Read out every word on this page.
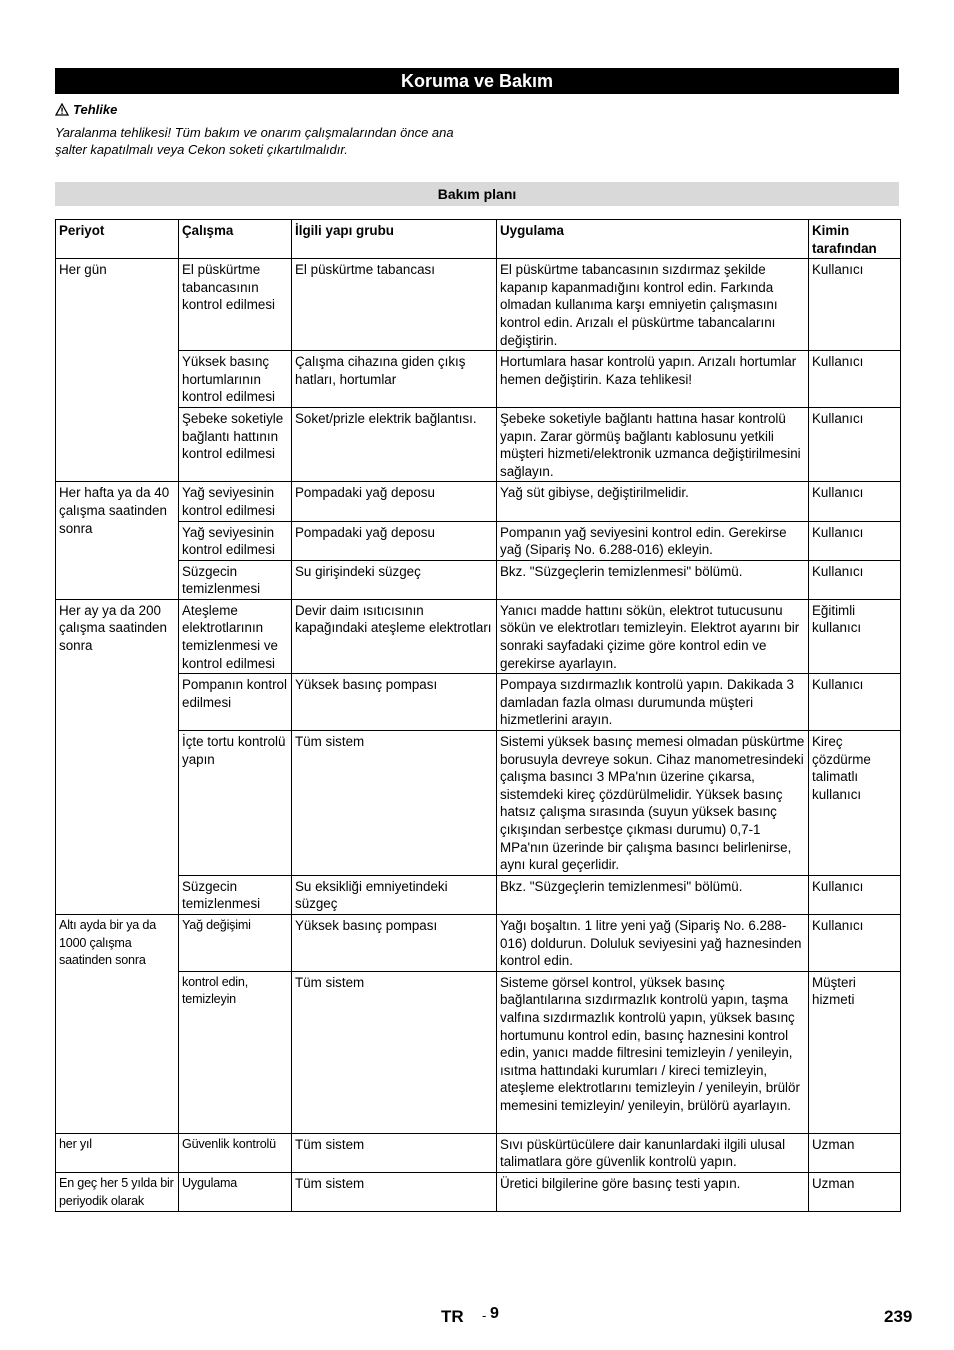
Koruma ve Bakım
Tehlike
Yaralanma tehlikesi! Tüm bakım ve onarım çalışmalarından önce ana şalter kapatılmalı veya Cekon soketi çıkartılmalıdır.
Bakım planı
Periyot	Çalışma	İlgili yapı grubu	Uygulama	Kimin tarafından
Her gün	El püskürtme tabancasının kontrol edilmesi	El püskürtme tabancası	El püskürtme tabancasının sızdırmaz şekilde kapanıp kapanmadığını kontrol edin. Farkında olmadan kullanıma karşı emniyetin çalışmasını kontrol edin. Arızalı el püskürtme tabancalarını değiştirin.	Kullanıcı
	Yüksek basınç hortumlarının kontrol edilmesi	Çalışma cihazına giden çıkış hatları, hortumlar	Hortumlara hasar kontrolü yapın. Arızalı hortumlar hemen değiştirin. Kaza tehlikesi!	Kullanıcı
	Şebeke soketiyle bağlantı hattının kontrol edilmesi	Soket/prizle elektrik bağlantısı.	Şebeke soketiyle bağlantı hattına hasar kontrolü yapın. Zarar görmüş bağlantı kablosunu yetkili müşteri hizmeti/elektronik uzmanca değiştirilmesini sağlayın.	Kullanıcı
Her hafta ya da 40 çalışma saatinden sonra	Yağ seviyesinin kontrol edilmesi	Pompadaki yağ deposu	Yağ süt gibiyse, değiştirilmelidir.	Kullanıcı
	Yağ seviyesinin kontrol edilmesi	Pompadaki yağ deposu	Pompanın yağ seviyesini kontrol edin. Gerekirse yağ (Sipariş No. 6.288-016) ekleyin.	Kullanıcı
	Süzgecin temizlenmesi	Su girişindeki süzgeç	Bkz. "Süzgeçlerin temizlenmesi" bölümü.	Kullanıcı
Her ay ya da 200 çalışma saatinden sonra	Ateşleme elektrotlarının temizlenmesi ve kontrol edilmesi	Devir daim ısıtıcısının kapağındaki ateşleme elektrotları	Yanıcı madde hattını sökün, elektrot tutucusunu sökün ve elektrotları temizleyin. Elektrot ayarını bir sonraki sayfadaki çizime göre kontrol edin ve gerekirse ayarlayın.	Eğitimli kullanıcı
	Pompanın kontrol edilmesi	Yüksek basınç pompası	Pompaya sızdırmazlık kontrolü yapın. Dakikada 3 damladan fazla olması durumunda müşteri hizmetlerini arayın.	Kullanıcı
	İçte tortu kontrolü yapın	Tüm sistem	Sistemi yüksek basınç memesi olmadan püskürtme borusuyla devreye sokun. Cihaz manometresindeki çalışma basıncı 3 MPa'nın üzerine çıkarsa, sistemdeki kireç çözdürülmelidir. Yüksek basınç hatsız çalışma sırasında (suyun yüksek basınç çıkışından serbestçe çıkması durumu) 0,7-1 MPa'nın üzerinde bir çalışma basıncı belirlenirse, aynı kural geçerlidir.	Kireç çözdürme talimatlı kullanıcı
	Süzgecin temizlenmesi	Su eksikliği emniyetindeki süzgeç	Bkz. "Süzgeçlerin temizlenmesi" bölümü.	Kullanıcı
Altı ayda bir ya da 1000 çalışma saatinden sonra	Yağ değişimi	Yüksek basınç pompası	Yağı boşaltın. 1 litre yeni yağ (Sipariş No. 6.288-016) doldurun. Doluluk seviyesini yağ haznesinden kontrol edin.	Kullanıcı
	kontrol edin, temizleyin	Tüm sistem	Sisteme görsel kontrol, yüksek basınç bağlantılarına sızdırmazlık kontrolü yapın, taşma valfına sızdırmazlık kontrolü yapın, yüksek basınç hortumunu kontrol edin, basınç haznesini kontrol edin, yanıcı madde filtresini temizleyin / yenileyin, ısıtma hattındaki kurumları / kireci temizleyin, ateşleme elektrotlarını temizleyin / yenileyin, brülör memesini temizleyin/ yenileyin, brülörü ayarlayın.	Müşteri hizmeti
her yıl	Güvenlik kontrolü	Tüm sistem	Sıvı püskürtücülere dair kanunlardaki ilgili ulusal talimatlara göre güvenlik kontrolü yapın.	Uzman
En geç her 5 yılda bir periyodik olarak	Uygulama	Tüm sistem	Üretici bilgilerine göre basınç testi yapın.	Uzman
TR - 9	239
